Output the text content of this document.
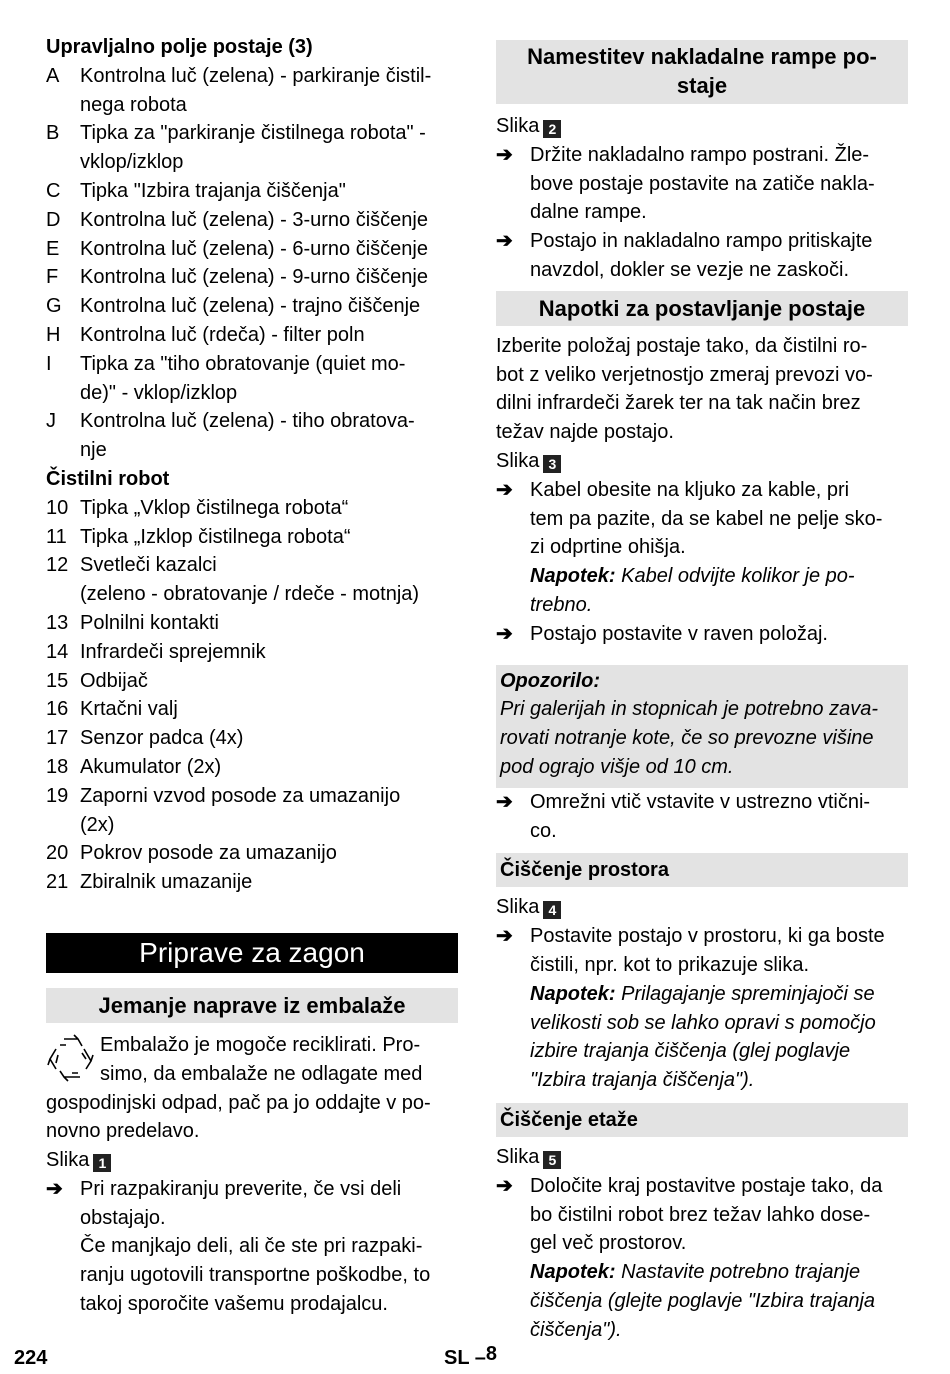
Upravljalno polje postaje (3)
A	Kontrolna luč (zelena) - parkiranje čistil-
nega robota
B	Tipka za "parkiranje čistilnega robota" -
vklop/izklop
C Tipka "Izbira trajanja čiščenja"
D Kontrolna luč (zelena) - 3-urno čiščenje
E	Kontrolna luč (zelena) - 6-urno čiščenje
F	Kontrolna luč (zelena) - 9-urno čiščenje
G Kontrolna luč (zelena) - trajno čiščenje
H Kontrolna luč (rdeča) - filter poln
I	Tipka za "tiho obratovanje (quiet mo-
de)" - vklop/izklop
J	Kontrolna luč (zelena) - tiho obratova-
nje
Čistilni robot
10 Tipka „Vklop čistilnega robota“
11 Tipka „Izklop čistilnega robota“
12 Svetleči kazalci
(zeleno - obratovanje / rdeče - motnja)
13 Polnilni kontakti
14 Infrardeči sprejemnik
15 Odbijač
16 Krtačni valj
17 Senzor padca (4x)
18 Akumulator (2x)
19 Zaporni vzvod posode za umazanijo
(2x)
20 Pokrov posode za umazanijo
21 Zbiralnik umazanije
Priprave za zagon
Jemanje naprave iz embalaže
Embalažo je mogoče reciklirati. Pro-
simo, da embalaže ne odlagate med
gospodinjski odpad, pač pa jo oddajte v po-
novno predelavo.
Slika 1
➔ Pri razpakiranju preverite, če vsi deli
obstajajo.
Če manjkajo deli, ali če ste pri razpaki-
ranju ugotovili transportne poškodbe, to
takoj sporočite vašemu prodajalcu.
Namestitev nakladalne rampe po-
staje
Slika 2
➔ Držite nakladalno rampo postrani. Žle-
bove postaje postavite na zatiče nakla-
dalne rampe.
➔ Postajo in nakladalno rampo pritiskajte
navzdol, dokler se vezje ne zaskoči.
Napotki za postavljanje postaje
Izberite položaj postaje tako, da čistilni ro-
bot z veliko verjetnostjo zmeraj prevozi vo-
dilni infrardeči žarek ter na tak način brez
težav najde postajo.
Slika 3
➔ Kabel obesite na kljuko za kable, pri
tem pa pazite, da se kabel ne pelje sko-
zi odprtine ohišja.
Napotek: Kabel odvijte kolikor je po-
trebno.
➔ Postajo postavite v raven položaj.
Opozorilo:
Pri galerijah in stopnicah je potrebno zava-
rovati notranje kote, če so prevozne višine
pod ograjo višje od 10 cm.
➔ Omrežni vtič vstavite v ustrezno vtični-
co.
Čiščenje prostora
Slika 4
➔ Postavite postajo v prostoru, ki ga boste
čistili, npr. kot to prikazuje slika.
Napotek: Prilagajanje spreminjajoči se
velikosti sob se lahko opravi s pomočjo
izbire trajanja čiščenja (glej poglavje
"Izbira trajanja čiščenja").
Čiščenje etaže
Slika 5
➔ Določite kraj postavitve postaje tako, da
bo čistilni robot brez težav lahko dose-
gel več prostorov.
Napotek: Nastavite potrebno trajanje
čiščenja (glejte poglavje "Izbira trajanja
čiščenja").
224	SL –8
